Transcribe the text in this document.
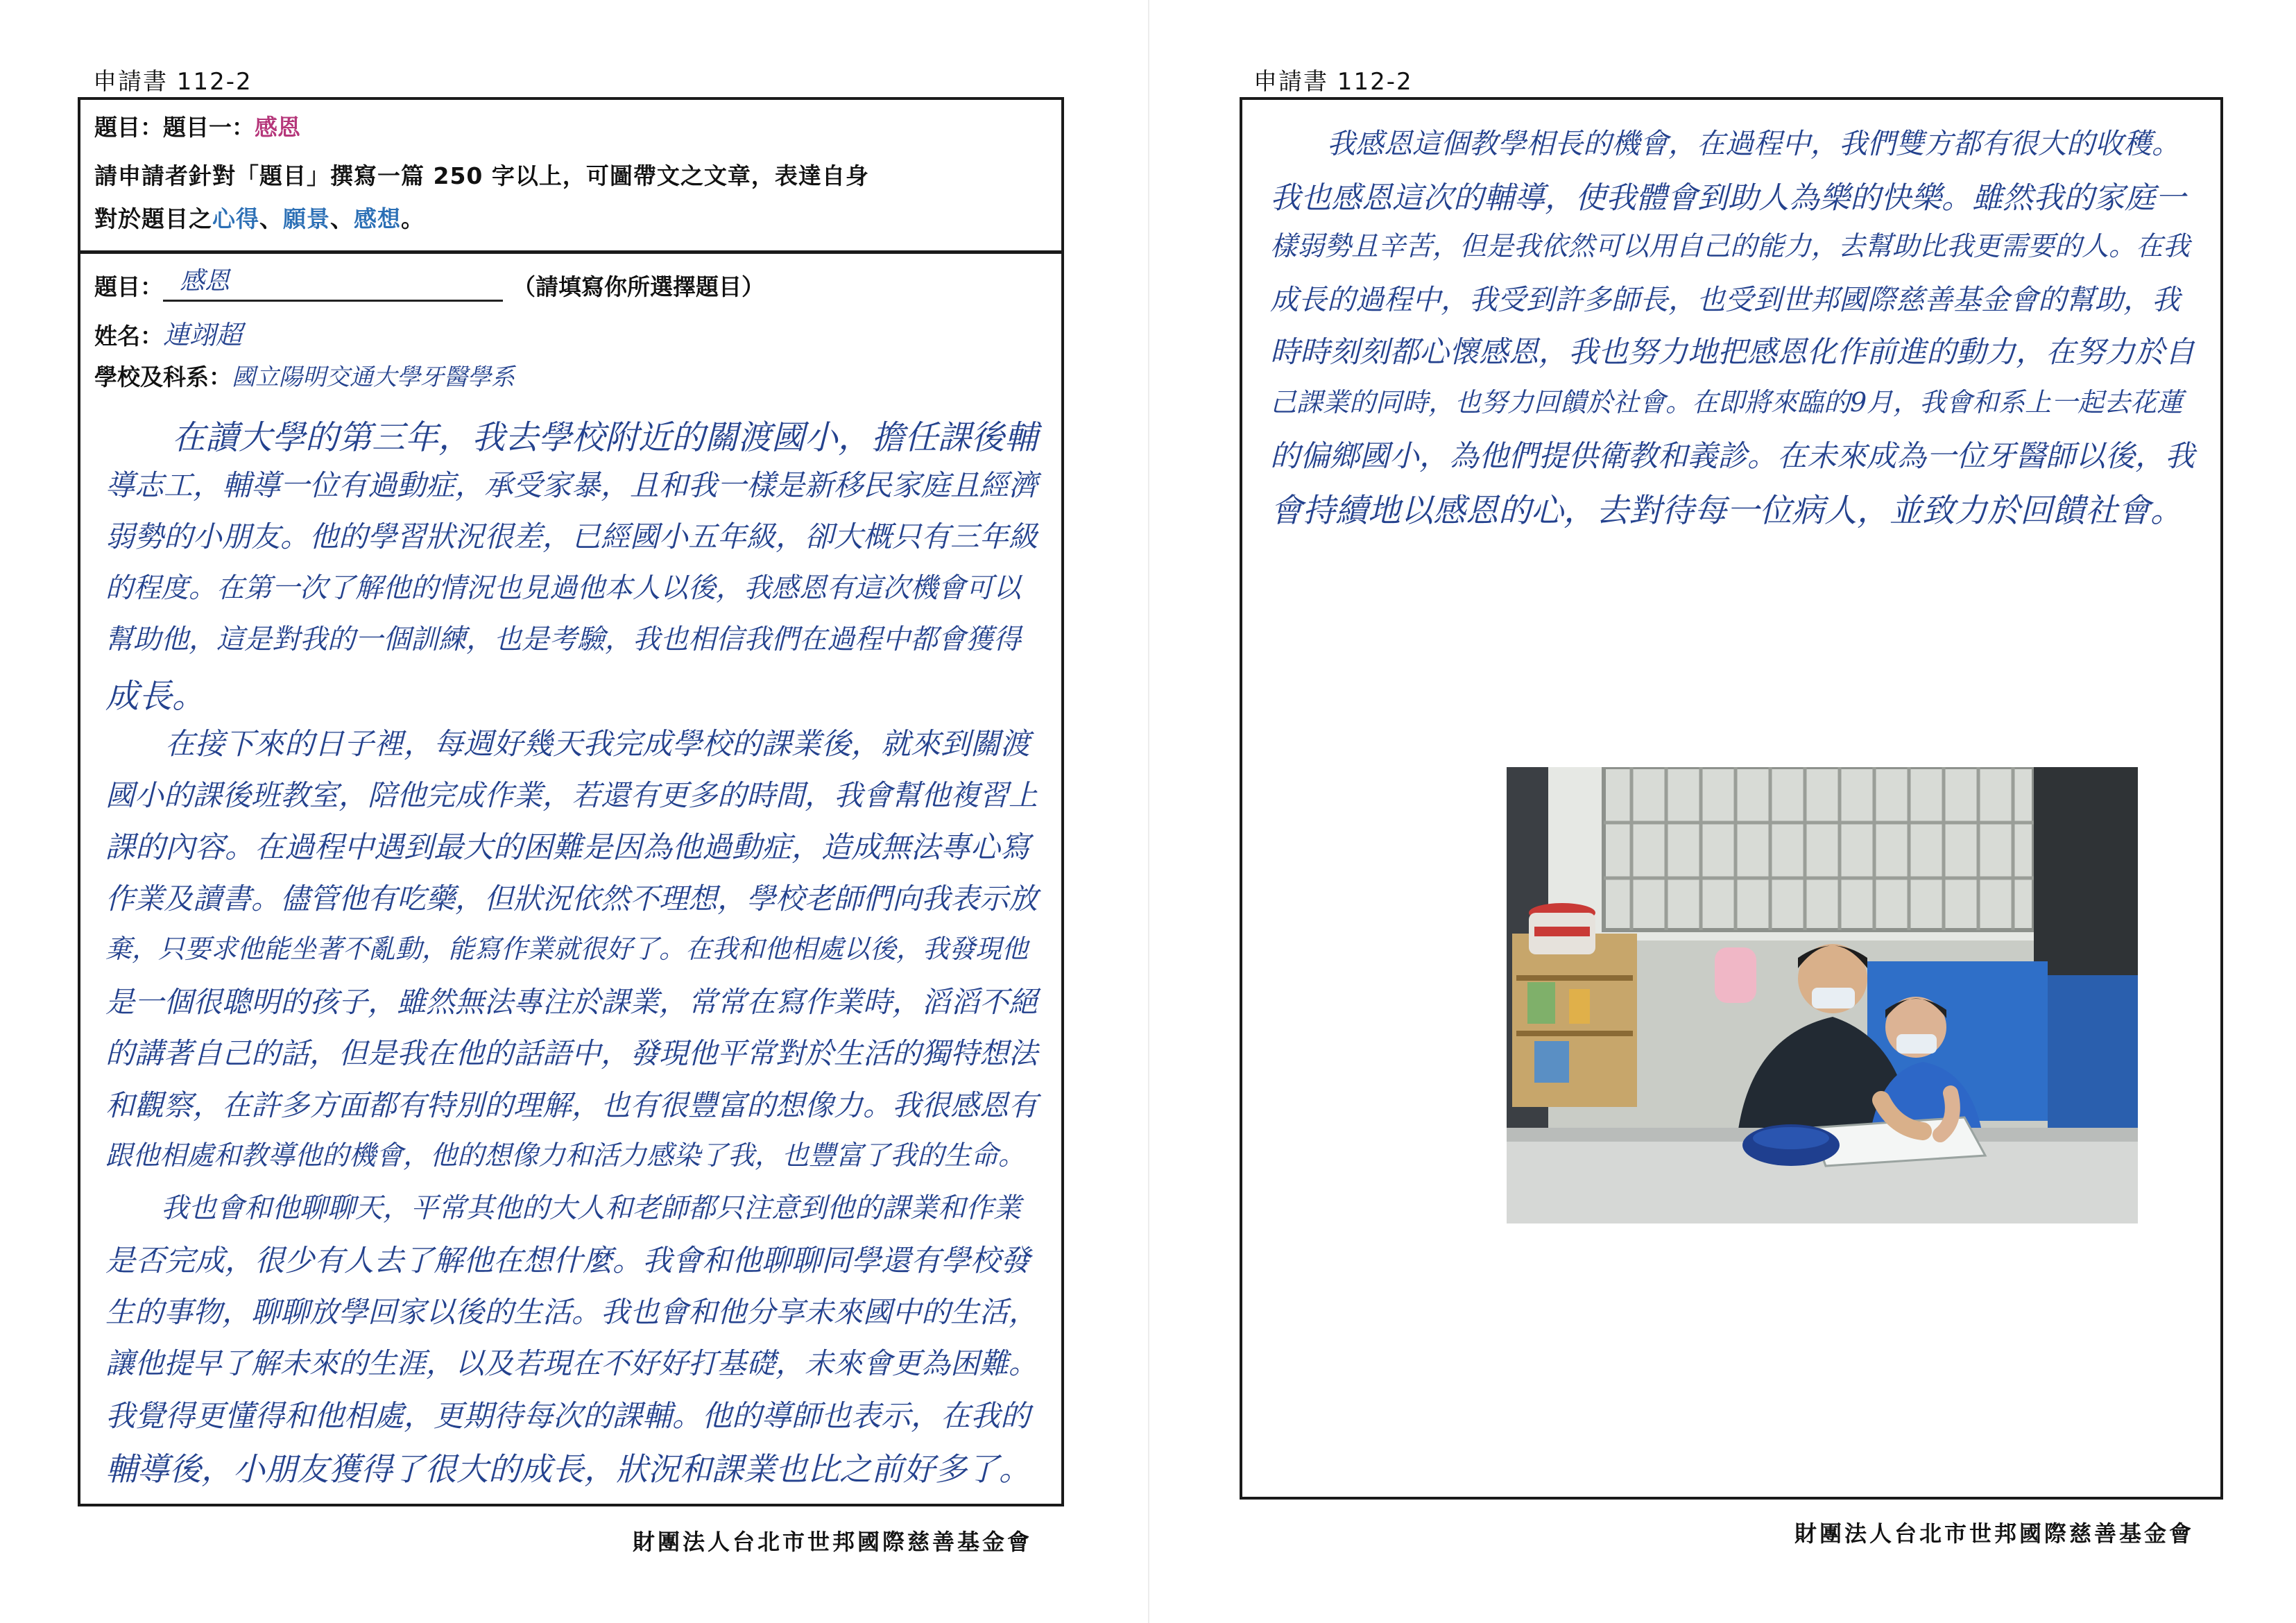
申請書 112-2
題目：題目一：感恩
請申請者針對「題目」撰寫一篇 250 字以上，可圖帶文之文章，表達自身
對於題目之心得、願景、感想。
題目： 感恩	（請填寫你所選擇題目）
姓名：連翊超
學校及科系：國立陽明交通大學牙醫學系
　　在讀大學的第三年，我去學校附近的關渡國小，擔任課後輔
導志工，輔導一位有過動症，承受家暴，且和我一樣是新移民家庭且經濟
弱勢的小朋友。他的學習狀況很差，已經國小五年級，卻大概只有三年級
的程度。在第一次了解他的情況也見過他本人以後，我感恩有這次機會可以
幫助他，這是對我的一個訓練，也是考驗，我也相信我們在過程中都會獲得
成長。
　　在接下來的日子裡，每週好幾天我完成學校的課業後，就來到關渡
國小的課後班教室，陪他完成作業，若還有更多的時間，我會幫他複習上
課的內容。在過程中遇到最大的困難是因為他過動症，造成無法專心寫
作業及讀書。儘管他有吃藥，但狀況依然不理想，學校老師們向我表示放
棄，只要求他能坐著不亂動，能寫作業就很好了。在我和他相處以後，我發現他
是一個很聰明的孩子，雖然無法專注於課業，常常在寫作業時，滔滔不絕
的講著自己的話，但是我在他的話語中，發現他平常對於生活的獨特想法
和觀察，在許多方面都有特別的理解，也有很豐富的想像力。我很感恩有
跟他相處和教導他的機會，他的想像力和活力感染了我，也豐富了我的生命。
　　我也會和他聊聊天，平常其他的大人和老師都只注意到他的課業和作業
是否完成，很少有人去了解他在想什麼。我會和他聊聊同學還有學校發
生的事物，聊聊放學回家以後的生活。我也會和他分享未來國中的生活，
讓他提早了解未來的生涯，以及若現在不好好打基礎，未來會更為困難。
我覺得更懂得和他相處，更期待每次的課輔。他的導師也表示，在我的
輔導後，小朋友獲得了很大的成長，狀況和課業也比之前好多了。
財團法人台北市世邦國際慈善基金會
申請書 112-2
　　我感恩這個教學相長的機會，在過程中，我們雙方都有很大的收穫。
我也感恩這次的輔導，使我體會到助人為樂的快樂。雖然我的家庭一
樣弱勢且辛苦，但是我依然可以用自己的能力，去幫助比我更需要的人。在我
成長的過程中，我受到許多師長，也受到世邦國際慈善基金會的幫助，我
時時刻刻都心懷感恩，我也努力地把感恩化作前進的動力，在努力於自
己課業的同時，也努力回饋於社會。在即將來臨的9月，我會和系上一起去花蓮
的偏鄉國小，為他們提供衛教和義診。在未來成為一位牙醫師以後，我
會持續地以感恩的心，去對待每一位病人，並致力於回饋社會。
財團法人台北市世邦國際慈善基金會
